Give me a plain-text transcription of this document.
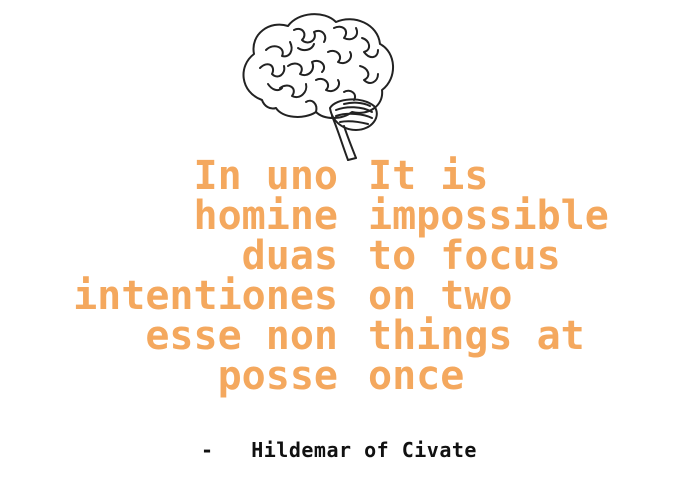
In uno
homine
duas
intentiones
esse non
posse
It is
impossible
to focus
on two
things at
once
- Hildemar of Civate
